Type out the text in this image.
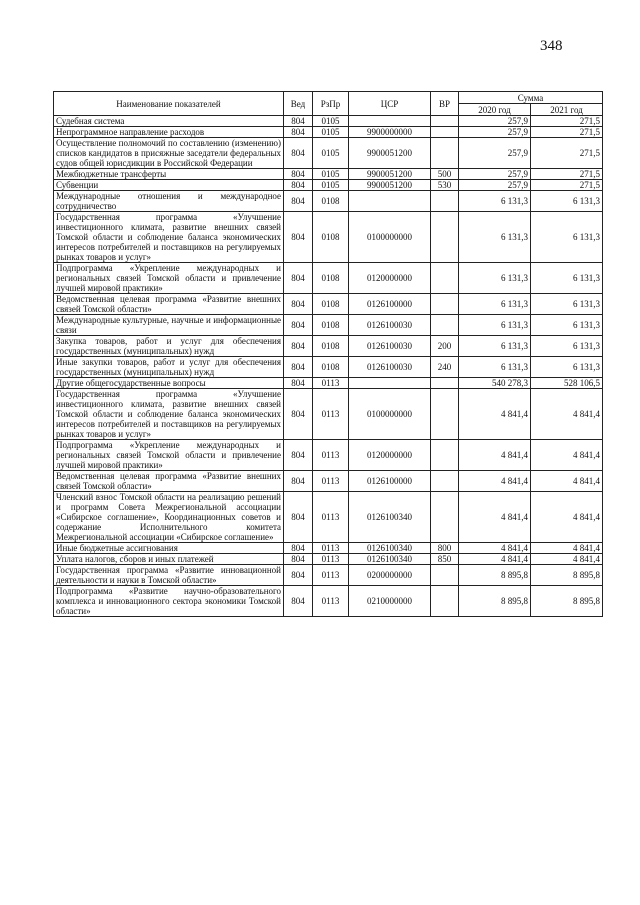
348
Наименование показателей	Вед	РзПр	ЦСР	ВР	Сумма	
					2020 год	2021 год
Судебная система	804	0105			257,9	271,5
Непрограммное направление расходов	804	0105	9900000000		257,9	271,5
Осуществление полномочий по составлению (изменению) списков кандидатов в присяжные заседатели федеральных судов общей юрисдикции в Российской Федерации	804	0105	9900051200		257,9	271,5
Межбюджетные трансферты	804	0105	9900051200	500	257,9	271,5
Субвенции	804	0105	9900051200	530	257,9	271,5
Международные отношения и международное сотрудничество	804	0108			6 131,3	6 131,3
Государственная программа «Улучшение инвестиционного климата, развитие внешних связей Томской области и соблюдение баланса экономических интересов потребителей и поставщиков на регулируемых рынках товаров и услуг»	804	0108	0100000000		6 131,3	6 131,3
Подпрограмма «Укрепление международных и региональных связей Томской области и привлечение лучшей мировой практики»	804	0108	0120000000		6 131,3	6 131,3
Ведомственная целевая программа «Развитие внешних связей Томской области»	804	0108	0126100000		6 131,3	6 131,3
Международные культурные, научные и информационные связи	804	0108	0126100030		6 131,3	6 131,3
Закупка товаров, работ и услуг для обеспечения государственных (муниципальных) нужд	804	0108	0126100030	200	6 131,3	6 131,3
Иные закупки товаров, работ и услуг для обеспечения государственных (муниципальных) нужд	804	0108	0126100030	240	6 131,3	6 131,3
Другие общегосударственные вопросы	804	0113			540 278,3	528 106,5
Государственная программа «Улучшение инвестиционного климата, развитие внешних связей Томской области и соблюдение баланса экономических интересов потребителей и поставщиков на регулируемых рынках товаров и услуг»	804	0113	0100000000		4 841,4	4 841,4
Подпрограмма «Укрепление международных и региональных связей Томской области и привлечение лучшей мировой практики»	804	0113	0120000000		4 841,4	4 841,4
Ведомственная целевая программа «Развитие внешних связей Томской области»	804	0113	0126100000		4 841,4	4 841,4
Членский взнос Томской области на реализацию решений и программ Совета Межрегиональной ассоциации «Сибирское соглашение», Координационных советов и содержание Исполнительного комитета Межрегиональной ассоциации «Сибирское соглашение»	804	0113	0126100340		4 841,4	4 841,4
Иные бюджетные ассигнования	804	0113	0126100340	800	4 841,4	4 841,4
Уплата налогов, сборов и иных платежей	804	0113	0126100340	850	4 841,4	4 841,4
Государственная программа «Развитие инновационной деятельности и науки в Томской области»	804	0113	0200000000		8 895,8	8 895,8
Подпрограмма «Развитие научно-образовательного комплекса и инновационного сектора экономики Томской области»	804	0113	0210000000		8 895,8	8 895,8
